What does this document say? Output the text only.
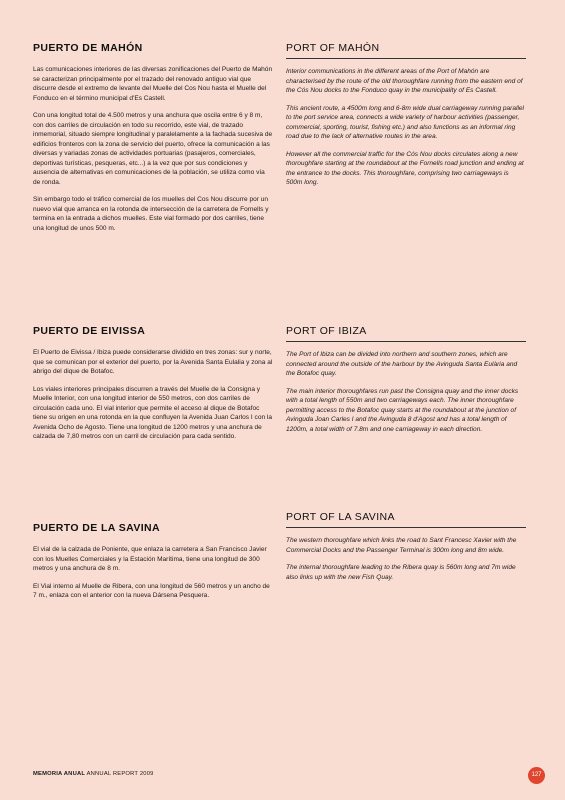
PUERTO DE MAHÓN

Las comunicaciones interiores de las diversas zonificaciones del Puerto de Mahón se caracterizan principalmente por el trazado del renovado antiguo vial que discurre desde el extremo de levante del Muelle del Cos Nou hasta el Muelle del Fonduco en el término municipal d'Es Castell.

Con una longitud total de 4.500 metros y una anchura que oscila entre 6 y 8 m, con dos carriles de circulación en todo su recorrido, este vial, de trazado inmemorial, situado siempre longitudinal y paralelamente a la fachada sucesiva de edificios fronteros con la zona de servicio del puerto, ofrece la comunicación a las diversas y variadas zonas de actividades portuarias (pasajeros, comerciales, deportivas turísticas, pesqueras, etc...) a la vez que por sus condiciones y ausencia de alternativas en comunicaciones de la población, se utiliza como vía de ronda.

Sin embargo todo el tráfico comercial de los muelles del Cos Nou discurre por un nuevo vial que arranca en la rotonda de intersección de la carretera de Fornells y termina en la entrada a dichos muelles. Este vial formado por dos carriles, tiene una longitud de unos 500 m.

PUERTO DE EIVISSA

El Puerto de Eivissa / Ibiza puede considerarse dividido en tres zonas: sur y norte, que se comunican por el exterior del puerto, por la Avenida Santa Eulalia y zona al abrigo del dique de Botafoc.

Los viales interiores principales discurren a través del Muelle de la Consigna y Muelle Interior, con una longitud interior de 550 metros, con dos carriles de circulación cada uno. El vial interior que permite el acceso al dique de Botafoc tiene su origen en una rotonda en la que confluyen la Avenida Juan Carlos I con la Avenida Ocho de Agosto. Tiene una longitud de 1200 metros y una anchura de calzada de 7,80 metros con un carril de circulación para cada sentido.

PUERTO DE LA SAVINA

El vial de la calzada de Poniente, que enlaza la carretera a San Francisco Javier con los Muelles Comerciales y la Estación Marítima, tiene una longitud de 300 metros y una anchura de 8 m.

El Vial interno al Muelle de Ribera, con una longitud de 560 metros y un ancho de 7 m., enlaza con el anterior con la nueva Dársena Pesquera.

PORT OF MAHÓN

Interior communications in the different areas of the Port of Mahón are characterised by the route of the old thoroughfare running from the eastern end of the Cós Nou docks to the Fonduco quay in the municipality of Es Castell.

This ancient route, a 4500m long and 6-8m wide dual carriageway running parallel to the port service area, connects a wide variety of harbour activities (passenger, commercial, sporting, tourist, fishing etc.) and also functions as an informal ring road due to the lack of alternative routes in the area.

However all the commercial traffic for the Cós Nou docks circulates along a new thoroughfare starting at the roundabout at the Fornells road junction and ending at the entrance to the docks. This thoroughfare, comprising two carriageways is 500m long.

PORT OF IBIZA

The Port of Ibiza can be divided into northern and southern zones, which are connected around the outside of the harbour by the Avinguda Santa Eulària and the Botafoc quay.

The main interior thoroughfares run past the Consigna quay and the inner docks with a total length of 550m and two carriageways each. The inner thoroughfare permitting access to the Botafoc quay starts at the roundabout at the junction of Avinguda Joan Carles I and the Avinguda 8 d'Agost and has a total length of 1200m, a total width of 7.8m and one carriageway in each direction.

PORT OF LA SAVINA

The western thoroughfare which links the road to Sant Francesc Xavier with the Commercial Docks and the Passenger Terminal is 300m long and 8m wide.

The internal thoroughfare leading to the Ribera quay is 560m long and 7m wide also links up with the new Fish Quay.

MEMORIA ANUAL ANNUAL REPORT 2009	127
